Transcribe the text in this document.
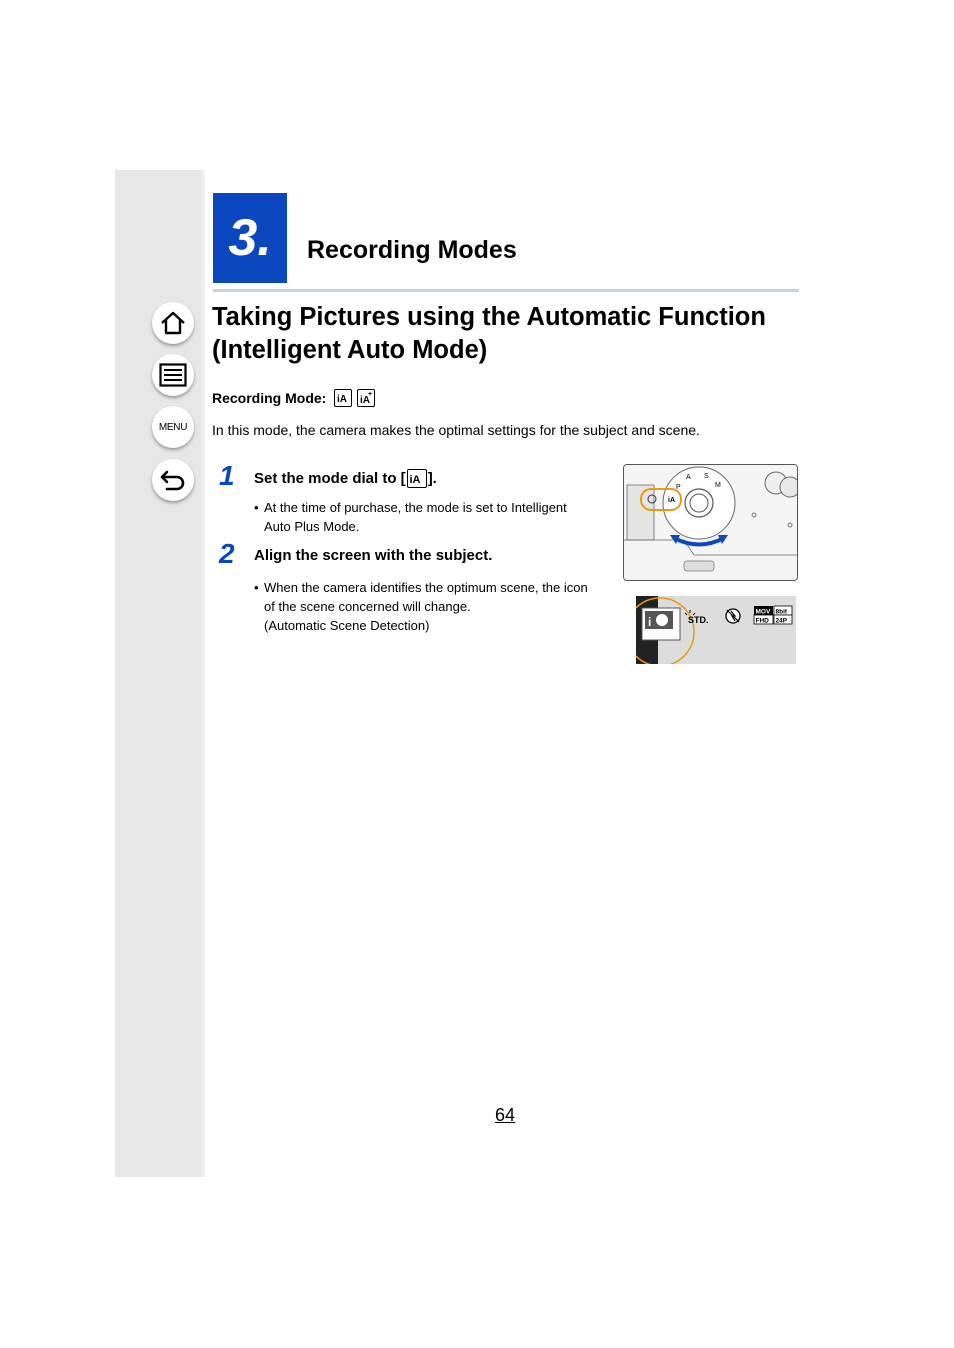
MENU
3. Recording Modes
Taking Pictures using the Automatic Function
(Intelligent Auto Mode)
Recording Mode: iA iA
+
In this mode, the camera makes the optimal settings for the subject and scene.
1 Set the mode dial to [ iA ].
• At the time of purchase, the mode is set to Intelligent
Auto Plus Mode.
2 Align the screen with the subject.
• When the camera identifies the optimum scene, the icon
of the scene concerned will change.
(Automatic Scene Detection)
P
A S
M
iA
i	STD.
MOV 8bit
FHD 24P
64
